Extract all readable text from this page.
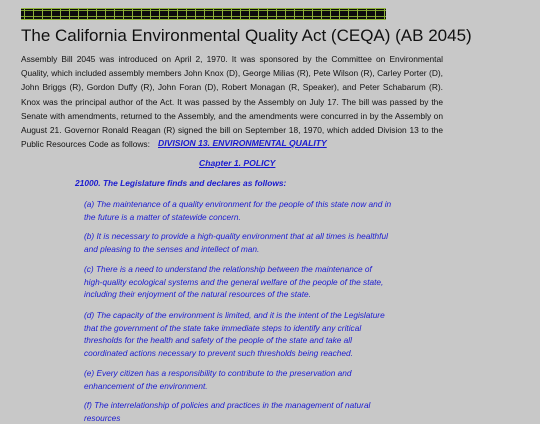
The California Environmental Quality Act (CEQA) (AB 2045)

Assembly Bill 2045 was introduced on April 2, 1970. It was sponsored by the Committee on Environmental Quality, which included assembly members John Knox (D), George Milias (R), Pete Wilson (R), Carley Porter (D), John Briggs (R), Gordon Duffy (R), John Foran (D), Robert Monagan (R, Speaker), and Peter Schabarum (R). Knox was the principal author of the Act. It was passed by the Assembly on July 17. The bill was passed by the Senate with amendments, returned to the Assembly, and the amendments were concurred in by the Assembly on August 21. Governor Ronald Reagan (R) signed the bill on September 18, 1970, which added Division 13 to the Public Resources Code as follows: DIVISION 13. ENVIRONMENTAL QUALITY

Chapter 1. POLICY

21000. The Legislature finds and declares as follows:

(a) The maintenance of a quality environment for the people of this state now and in the future is a matter of statewide concern.

(b) It is necessary to provide a high-quality environment that at all times is healthful and pleasing to the senses and intellect of man.

(c) There is a need to understand the relationship between the maintenance of high-quality ecological systems and the general welfare of the people of the state, including their enjoyment of the natural resources of the state.

(d) The capacity of the environment is limited, and it is the intent of the Legislature that the government of the state take immediate steps to identify any critical thresholds for the health and safety of the people of the state and take all coordinated actions necessary to prevent such thresholds being reached.

(e) Every citizen has a responsibility to contribute to the preservation and enhancement of the environment.

(f) The interrelationship of policies and practices in the management of natural resources
